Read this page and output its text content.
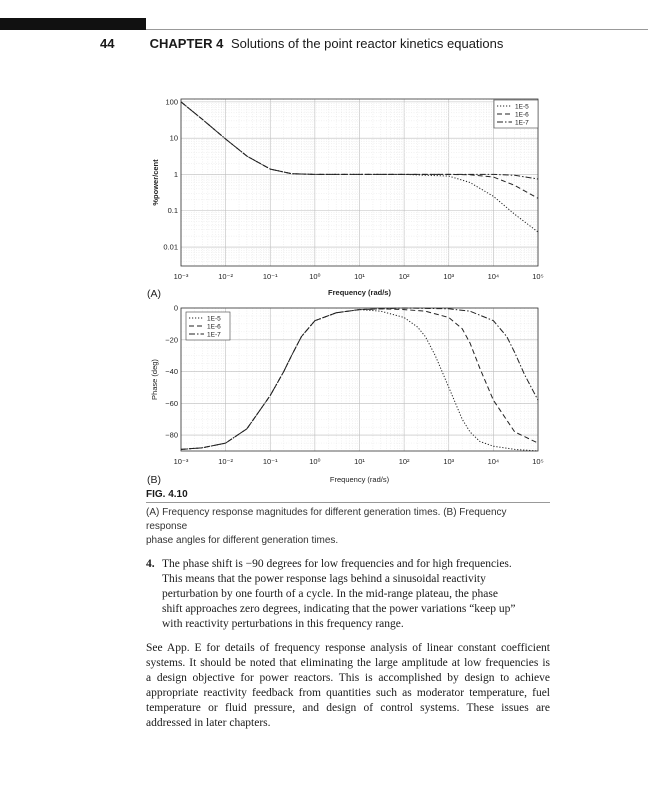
44	CHAPTER 4 Solutions of the point reactor kinetics equations
10⁻³	10⁻²	10⁻¹	10⁰	10¹	10²	10³	10⁴	10⁵
100
10
1
0.1
0.01
1E-5
1E-6
1E-7
Frequency (rad/s)
%power/cent
(A)
10⁻³	10⁻²	10⁻¹	10⁰	10¹	10²	10³	10⁴	10⁵
0
−20
−40
−60
−80
1E-5
1E-6
1E-7
Frequency (rad/s)
Phase (deg)
(B)
FIG. 4.10
(A) Frequency response magnitudes for different generation times. (B) Frequency response
phase angles for different generation times.
4. The phase shift is −90 degrees for low frequencies and for high frequencies.
This means that the power response lags behind a sinusoidal reactivity
perturbation by one fourth of a cycle. In the mid-range plateau, the phase
shift approaches zero degrees, indicating that the power variations “keep up”
with reactivity perturbations in this frequency range.
See App. E for details of frequency response analysis of linear constant coefficient
systems. It should be noted that eliminating the large amplitude at low frequencies is
a design objective for power reactors. This is accomplished by design to achieve
appropriate reactivity feedback from quantities such as moderator temperature, fuel
temperature or fluid pressure, and design of control systems. These issues are
addressed in later chapters.
